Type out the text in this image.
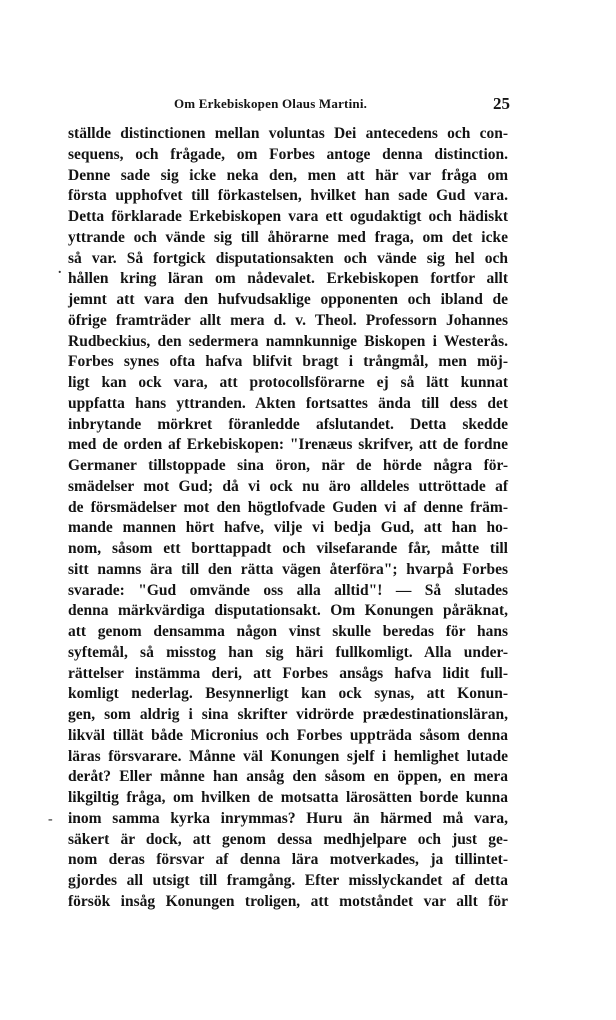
Om Erkebiskopen Olaus Martini.	25
ställde distinctionen mellan voluntas Dei antecedens och con-
sequens, och frågade, om Forbes antoge denna distinction.
Denne sade sig icke neka den, men att här var fråga om
första upphofvet till förkastelsen, hvilket han sade Gud vara.
Detta förklarade Erkebiskopen vara ett ogudaktigt och hädiskt
yttrande och vände sig till åhörarne med fraga, om det icke
så var. Så fortgick disputationsakten och vände sig hel och
hållen kring läran om nådevalet. Erkebiskopen fortfor allt
jemnt att vara den hufvudsaklige opponenten och ibland de
öfrige framträder allt mera d. v. Theol. Professorn Johannes
Rudbeckius, den sedermera namnkunnige Biskopen i Westerås.
Forbes synes ofta hafva blifvit bragt i trångmål, men möj-
ligt kan ock vara, att protocollsförarne ej så lätt kunnat
uppfatta hans yttranden. Akten fortsattes ända till dess det
inbrytande mörkret föranledde afslutandet. Detta skedde
med de orden af Erkebiskopen: "Irenæus skrifver, att de fordne
Germaner tillstoppade sina öron, när de hörde några för-
smädelser mot Gud; då vi ock nu äro alldeles uttröttade af
de försmädelser mot den högtlofvade Guden vi af denne främ-
mande mannen hört hafve, vilje vi bedja Gud, att han ho-
nom, såsom ett borttappadt och vilsefarande får, måtte till
sitt namns ära till den rätta vägen återföra"; hvarpå Forbes
svarade: "Gud omvände oss alla alltid"! — Så slutades
denna märkvärdiga disputationsakt. Om Konungen påräknat,
att genom densamma någon vinst skulle beredas för hans
syftemål, så misstog han sig häri fullkomligt. Alla under-
rättelser instämma deri, att Forbes ansågs hafva lidit full-
komligt nederlag. Besynnerligt kan ock synas, att Konun-
gen, som aldrig i sina skrifter vidrörde prædestinationsläran,
likväl tillät både Micronius och Forbes uppträda såsom denna
läras försvarare. Månne väl Konungen sjelf i hemlighet lutade
deråt? Eller månne han ansåg den såsom en öppen, en mera
likgiltig fråga, om hvilken de motsatta lärosätten borde kunna
inom samma kyrka inrymmas? Huru än härmed må vara,
säkert är dock, att genom dessa medhjelpare och just ge-
nom deras försvar af denna lära motverkades, ja tillintet-
gjordes all utsigt till framgång. Efter misslyckandet af detta
försök insåg Konungen troligen, att motståndet var allt för
.
-
